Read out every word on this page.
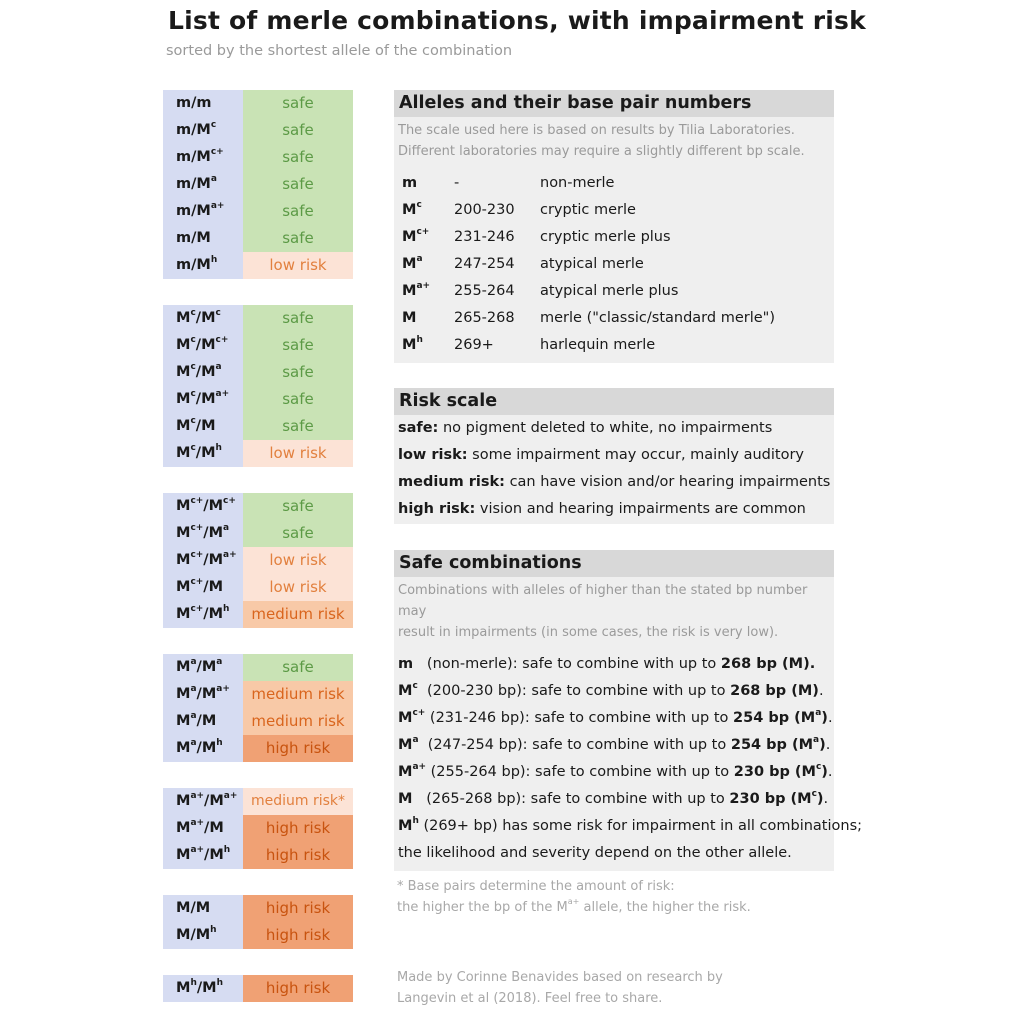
List of merle combinations, with impairment risk
sorted by the shortest allele of the combination
m/m	safe
$m/M^c$	safe
$m/M^{c+}$	safe
$m/M^a$	safe
$m/M^{a+}$	safe
m/M	safe
$m/M^h$	low risk
$M^c/M^c$	safe
$M^c/M^{c+}$	safe
$M^c/M^a$	safe
$M^c/M^{a+}$	safe
$M^c/M$	safe
$M^c/M^h$	low risk
$M^{c+}/M^{c+}$	safe
$M^{c+}/M^a$	safe
$M^{c+}/M^{a+}$	low risk
$M^{c+}/M$	low risk
$M^{c+}/M^h$	medium risk
$M^a/M^a$	safe
$M^a/M^{a+}$	medium risk
$M^a/M$	medium risk
$M^a/M^h$	high risk
$M^{a+}/M^{a+}$ medium risk*
$M^{a+}/M$	high risk
$M^{a+}/M^h$	high risk
M/M	high risk
$M/M^h$	high risk
$M^h/M^h$	high risk
Alleles and their base pair numbers
The scale used here is based on results by Tilia Laboratories.
Different laboratories may require a slightly different bp scale.
m	-	non-merle
$M^c$	200-230	cryptic merle
$M^{c+}$	231-246	cryptic merle plus
$M^a$	247-254	atypical merle
$M^{a+}$	255-264	atypical merle plus
M	265-268	merle ("classic/standard merle")
$M^h$	269+	harlequin merle
Risk scale
safe: no pigment deleted to white, no impairments
low risk: some impairment may occur, mainly auditory
medium risk: can have vision and/or hearing impairments
high risk: vision and hearing impairments are common
Safe combinations
Combinations with alleles of higher than the stated bp number may
result in impairments (in some cases, the risk is very low).
m   (non-merle): safe to combine with up to 268 bp (M).
$M^c$  (200-230 bp): safe to combine with up to 268 bp (M).
$M^{c+}$ (231-246 bp): safe to combine with up to 254 bp $(M^a)$.
$M^a$  (247-254 bp): safe to combine with up to 254 bp $(M^a)$.
$M^{a+}$ (255-264 bp): safe to combine with up to 230 bp $(M^c)$.
M   (265-268 bp): safe to combine with up to 230 bp $(M^c)$.
$M^h$ (269+ bp) has some risk for impairment in all combinations;
the likelihood and severity depend on the other allele.
* Base pairs determine the amount of risk:
the higher the bp of the $M^{a+}$ allele, the higher the risk.
Made by Corinne Benavides based on research by
Langevin et al (2018). Feel free to share.
